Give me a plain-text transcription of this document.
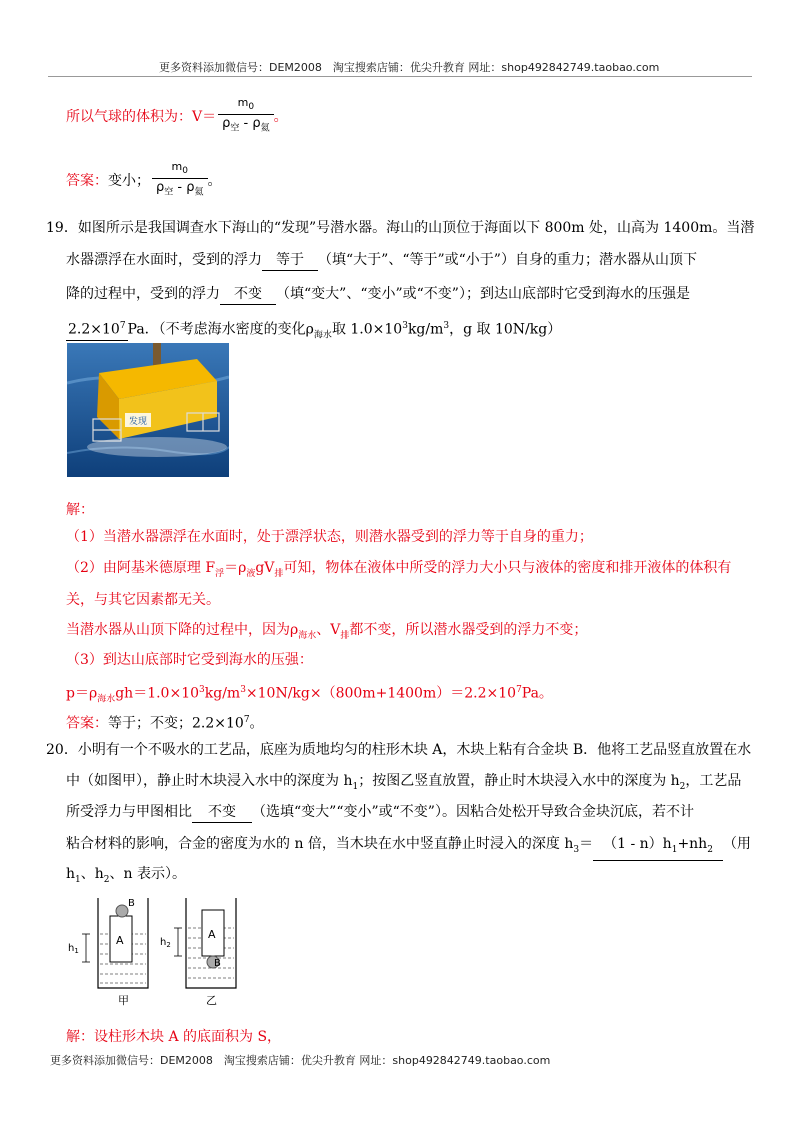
更多资料添加微信号：DEM2008　淘宝搜索店铺：优尖升教育 网址：shop492842749.taobao.com
所以气球的体积为：$V= \frac{m_0}{\rho_空 - \rho_氦}$ 。
答案：变小； $\frac{m_0}{\rho_空 - \rho_氦}$ 。
19．如图所示是我国调查水下海山的“发现”号潜水器。海山的山顶位于海面以下 800m 处，山高为 1400m。当潜
水器漂浮在水面时，受到的浮力 等于 （填“大于”、“等于”或“小于”）自身的重力；潜水器从山顶下
降的过程中，受到的浮力 不变 （填“变大”、“变小”或“不变”）；到达山底部时它受到海水的压强是
$2.2\times 10^7$ Pa．（不考虑海水密度的变化$\rho_{海水}$取 $1.0\times 10^3kg/m^3$，g 取 10N/kg）
发现
解：
（1）当潜水器漂浮在水面时，处于漂浮状态，则潜水器受到的浮力等于自身的重力；
（2）由阿基米德原理 $F_浮=\rho_液gV_排$可知，物体在液体中所受的浮力大小只与液体的密度和排开液体的体积有
关，与其它因素都无关。
当潜水器从山顶下降的过程中，因为$\rho_{海水}$、$V_排$都不变，所以潜水器受到的浮力不变；
（3）到达山底部时它受到海水的压强：
$p=\rho_{海水}gh=1.0\times 10^3kg/m^3\times 10N/kg\times(800m+1400m)=2.2\times 10^7Pa$。
答案：等于；不变；$2.2\times 10^7$。
20．小明有一个不吸水的工艺品，底座为质地均匀的柱形木块 A，木块上粘有合金块 B．他将工艺品竖直放置在水
中（如图甲），静止时木块浸入水中的深度为 $h_1$；按图乙竖直放置，静止时木块浸入水中的深度为 $h_2$，工艺品
所受浮力与甲图相比 不变 （选填“变大”“变小”或“不变”）。因粘合处松开导致合金块沉底，若不计
粘合材料的影响，合金的密度为水的 n 倍，当木块在水中竖直静止时浸入的深度 $h_3= (1 - n)h_1+nh_2$ （用
$h_1$、$h_2$、n 表示）。
A
B
$h_1$
甲
A
B
$h_2$
乙
解：设柱形木块 A 的底面积为 S，
更多资料添加微信号：DEM2008　淘宝搜索店铺：优尖升教育 网址：shop492842749.taobao.com
